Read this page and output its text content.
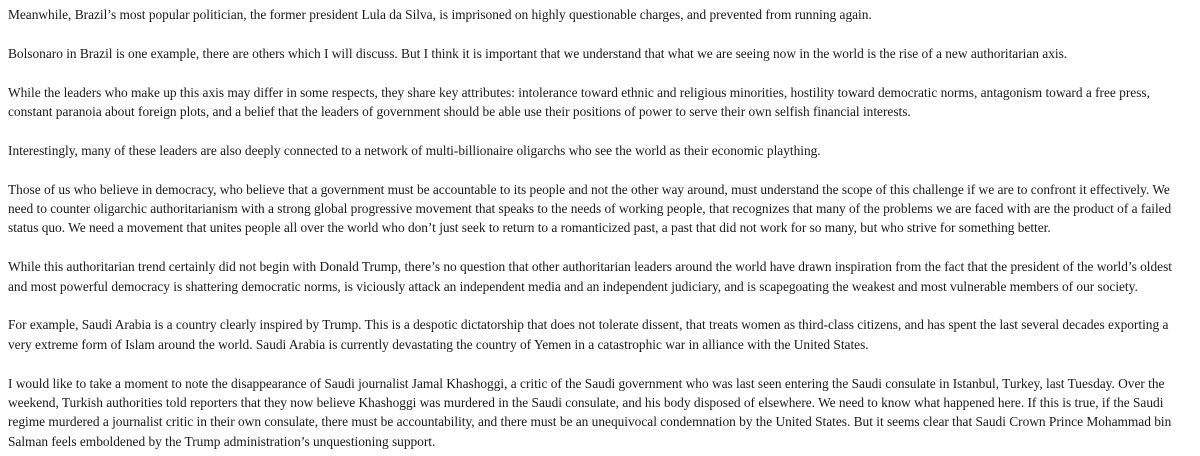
Meanwhile, Brazil’s most popular politician, the former president Lula da Silva, is imprisoned on highly questionable charges, and prevented from running again.

Bolsonaro in Brazil is one example, there are others which I will discuss. But I think it is important that we understand that what we are seeing now in the world is the rise of a new authoritarian axis.

While the leaders who make up this axis may differ in some respects, they share key attributes: intolerance toward ethnic and religious minorities, hostility toward democratic norms, antagonism toward a free press, constant paranoia about foreign plots, and a belief that the leaders of government should be able use their positions of power to serve their own selfish financial interests.

Interestingly, many of these leaders are also deeply connected to a network of multi-billionaire oligarchs who see the world as their economic plaything.

Those of us who believe in democracy, who believe that a government must be accountable to its people and not the other way around, must understand the scope of this challenge if we are to confront it effectively. We need to counter oligarchic authoritarianism with a strong global progressive movement that speaks to the needs of working people, that recognizes that many of the problems we are faced with are the product of a failed status quo. We need a movement that unites people all over the world who don’t just seek to return to a romanticized past, a past that did not work for so many, but who strive for something better.

While this authoritarian trend certainly did not begin with Donald Trump, there’s no question that other authoritarian leaders around the world have drawn inspiration from the fact that the president of the world’s oldest and most powerful democracy is shattering democratic norms, is viciously attack an independent media and an independent judiciary, and is scapegoating the weakest and most vulnerable members of our society.

For example, Saudi Arabia is a country clearly inspired by Trump. This is a despotic dictatorship that does not tolerate dissent, that treats women as third-class citizens, and has spent the last several decades exporting a very extreme form of Islam around the world. Saudi Arabia is currently devastating the country of Yemen in a catastrophic war in alliance with the United States.

I would like to take a moment to note the disappearance of Saudi journalist Jamal Khashoggi, a critic of the Saudi government who was last seen entering the Saudi consulate in Istanbul, Turkey, last Tuesday. Over the weekend, Turkish authorities told reporters that they now believe Khashoggi was murdered in the Saudi consulate, and his body disposed of elsewhere. We need to know what happened here. If this is true, if the Saudi regime murdered a journalist critic in their own consulate, there must be accountability, and there must be an unequivocal condemnation by the United States. But it seems clear that Saudi Crown Prince Mohammad bin Salman feels emboldened by the Trump administration’s unquestioning support.
